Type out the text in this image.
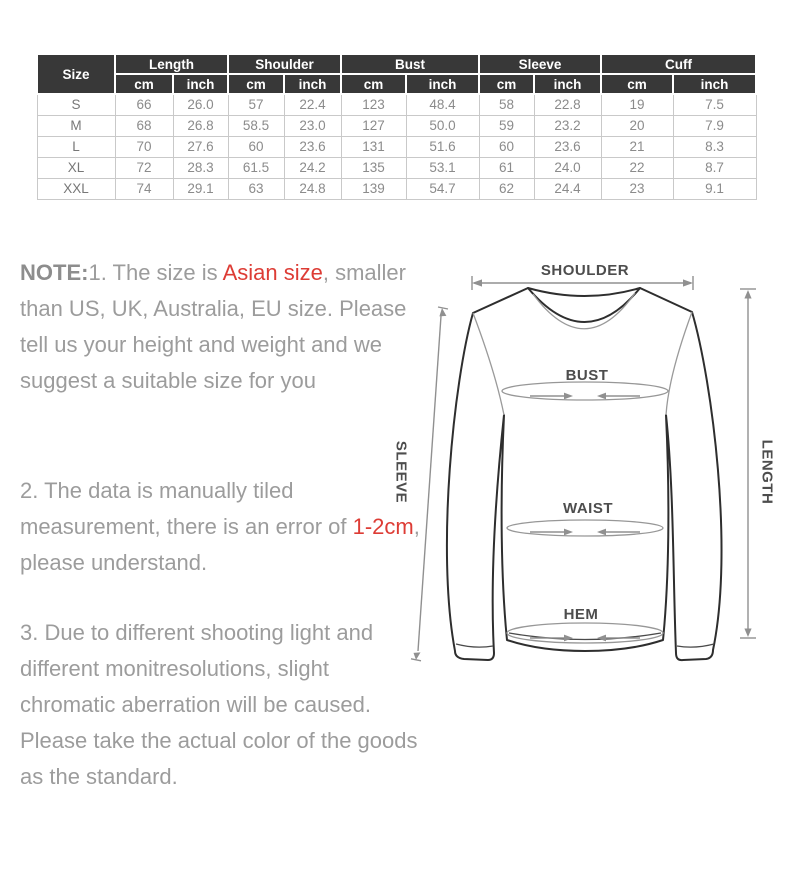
Size	Length		Shoulder		Bust		Sleeve		Cuff	
	cm	inch	cm	inch	cm	inch	cm	inch	cm	inch
S	66	26.0	57	22.4	123	48.4	58	22.8	19	7.5
M	68	26.8	58.5	23.0	127	50.0	59	23.2	20	7.9
L	70	27.6	60	23.6	131	51.6	60	23.6	21	8.3
XL	72	28.3	61.5	24.2	135	53.1	61	24.0	22	8.7
XXL	74	29.1	63	24.8	139	54.7	62	24.4	23	9.1
NOTE:1. The size is Asian size, smaller than US, UK, Australia, EU size. Please tell us your height and weight and we suggest a suitable size for you
2. The data is manually tiled measurement, there is an error of 1-2cm, please understand.
3. Due to different shooting light and different monitresolutions, slight chromatic aberration will be caused. Please take the actual color of the goods as the standard.
SHOULDER
BUST
WAIST
HEM
SLEEVE	LENGTH
